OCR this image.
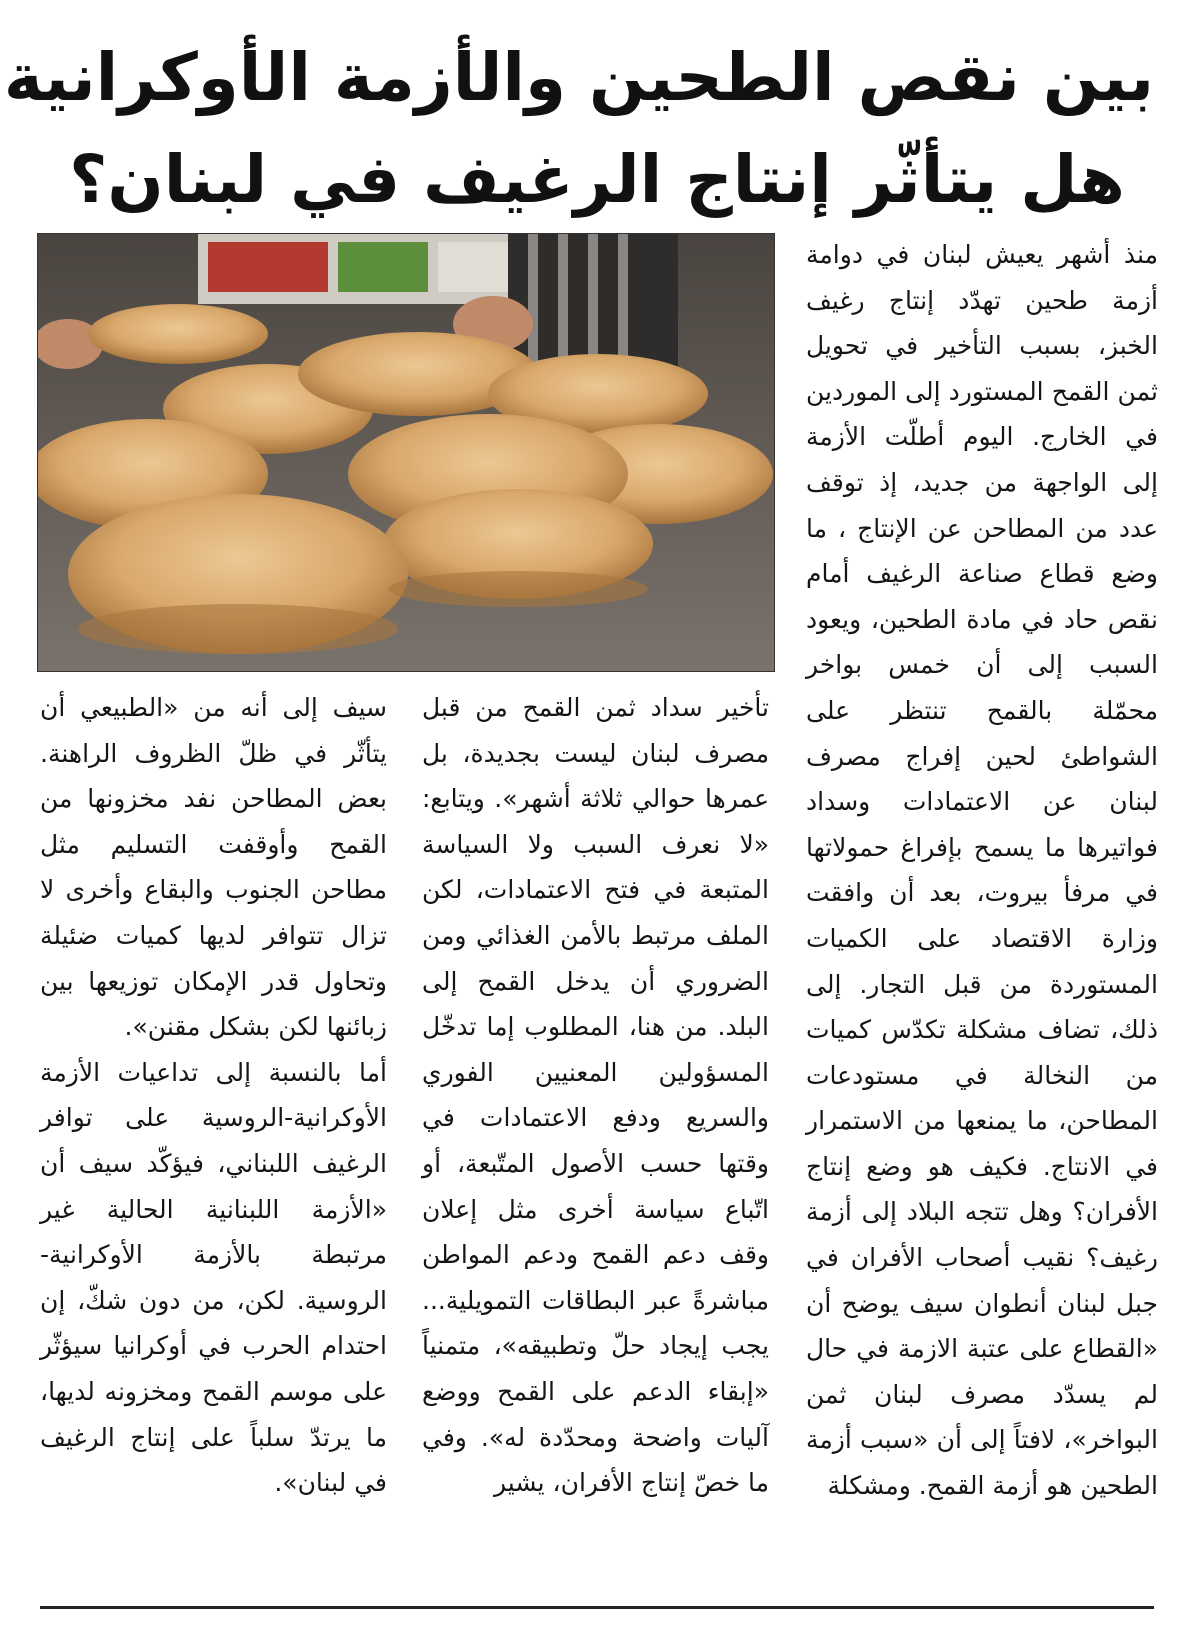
بين نقص الطحين والأزمة الأوكرانية
هل يتأثّر إنتاج الرغيف في لبنان؟

منذ أشهر يعيش لبنان في دوامة أزمة طحين تهدّد إنتاج رغيف الخبز، بسبب التأخير في تحويل ثمن القمح المستورد إلى الموردين في الخارج. اليوم أطلّت الأزمة إلى الواجهة من جديد، إذ توقف عدد من المطاحن عن الإنتاج ، ما وضع قطاع صناعة الرغيف أمام نقص حاد في مادة الطحين، ويعود السبب إلى أن خمس بواخر محمّلة بالقمح تنتظر على الشواطئ لحين إفراج مصرف لبنان عن الاعتمادات وسداد فواتيرها ما يسمح بإفراغ حمولاتها في مرفأ بيروت، بعد أن وافقت وزارة الاقتصاد على الكميات المستوردة من قبل التجار. إلى ذلك، تضاف مشكلة تكدّس كميات من النخالة في مستودعات المطاحن، ما يمنعها من الاستمرار في الانتاج. فكيف هو وضع إنتاج الأفران؟ وهل تتجه البلاد إلى أزمة رغيف؟ نقيب أصحاب الأفران في جبل لبنان أنطوان سيف يوضح أن «القطاع على عتبة الازمة في حال لم يسدّد مصرف لبنان ثمن البواخر»، لافتاً إلى أن «سبب أزمة الطحين هو أزمة القمح. ومشكلة

تأخير سداد ثمن القمح من قبل مصرف لبنان ليست بجديدة، بل عمرها حوالي ثلاثة أشهر». ويتابع: «لا نعرف السبب ولا السياسة المتبعة في فتح الاعتمادات، لكن الملف مرتبط بالأمن الغذائي ومن الضروري أن يدخل القمح إلى البلد. من هنا، المطلوب إما تدخّل المسؤولين المعنيين الفوري والسريع ودفع الاعتمادات في وقتها حسب الأصول المتّبعة، أو اتّباع سياسة أخرى مثل إعلان وقف دعم القمح ودعم المواطن مباشرةً عبر البطاقات التمويلية... يجب إيجاد حلّ وتطبيقه»، متمنياً «إبقاء الدعم على القمح ووضع آليات واضحة ومحدّدة له». وفي ما خصّ إنتاج الأفران، يشير

سيف إلى أنه من «الطبيعي أن يتأثّر في ظلّ الظروف الراهنة. بعض المطاحن نفد مخزونها من القمح وأوقفت التسليم مثل مطاحن الجنوب والبقاع وأخرى لا تزال تتوافر لديها كميات ضئيلة وتحاول قدر الإمكان توزيعها بين زبائنها لكن بشكل مقنن».

أما بالنسبة إلى تداعيات الأزمة الأوكرانية-الروسية على توافر الرغيف اللبناني، فيؤكّد سيف أن «الأزمة اللبنانية الحالية غير مرتبطة بالأزمة الأوكرانية-الروسية. لكن، من دون شكّ، إن احتدام الحرب في أوكرانيا سيؤثّر على موسم القمح ومخزونه لديها، ما يرتدّ سلباً على إنتاج الرغيف في لبنان».
